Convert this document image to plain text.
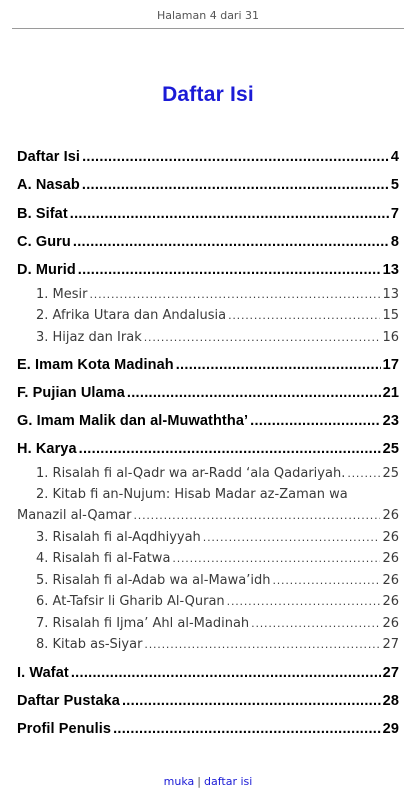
Halaman 4 dari 31
Daftar Isi
Daftar Isi .....	4
A. Nasab .....	5
B. Sifat .....	7
C. Guru .....	8
D. Murid .....	13
1. Mesir .....	13
2. Afrika Utara dan Andalusia .....	15
3. Hijaz dan Irak .....	16
E. Imam Kota Madinah .....	17
F. Pujian Ulama .....	21
G. Imam Malik dan al-Muwaththa’ .....	23
H. Karya .....	25
1. Risalah fi al-Qadr wa ar-Radd ‘ala Qadariyah. .....	25
2. Kitab fi an-Nujum: Hisab Madar az-Zaman wa
Manazil al-Qamar .....	26
3. Risalah fi al-Aqdhiyyah .....	26
4. Risalah fi al-Fatwa .....	26
5. Risalah fi al-Adab wa al-Mawa’idh .....	26
6. At-Tafsir li Gharib Al-Quran .....	26
7. Risalah fi Ijma’ Ahl al-Madinah .....	26
8. Kitab as-Siyar .....	27
I. Wafat .....	27
Daftar Pustaka .....	28
Profil Penulis .....	29
muka | daftar isi
